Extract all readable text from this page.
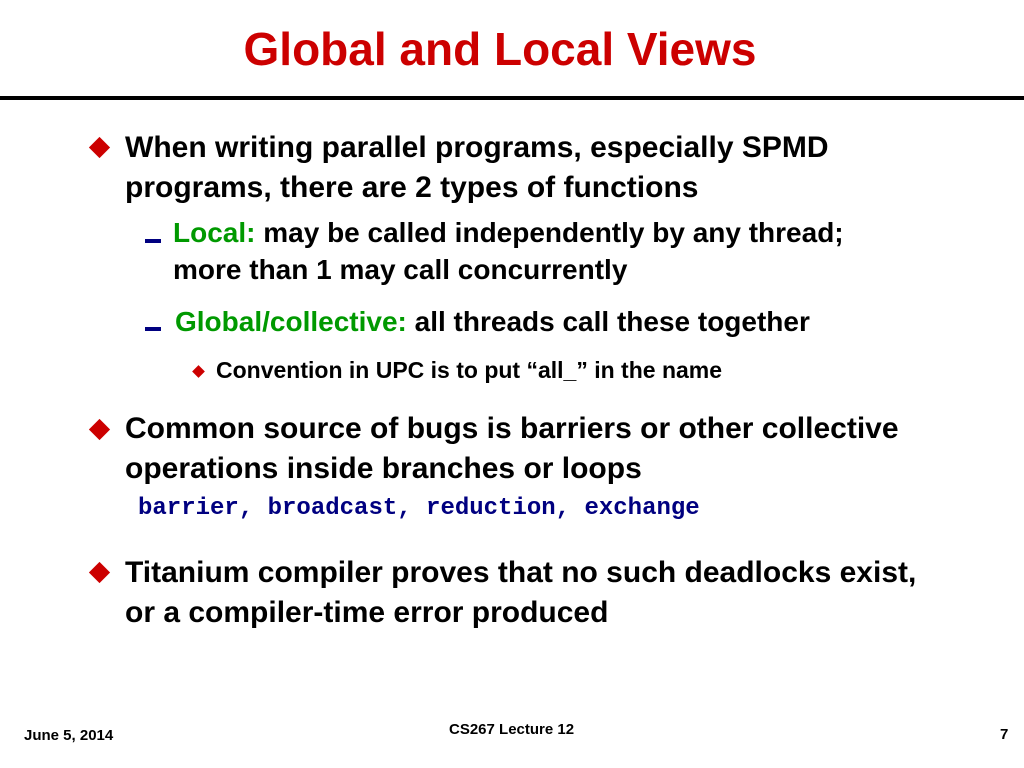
Global and Local Views
When writing parallel programs, especially SPMD programs, there are 2 types of functions
Local: may be called independently by any thread; more than 1 may call concurrently
Global/collective: all threads call these together
Convention in UPC is to put “all_” in the name
Common source of bugs is barriers or other collective operations inside branches or loops
barrier, broadcast, reduction, exchange
Titanium compiler proves that no such deadlocks exist, or a compiler-time error produced
June 5, 2014	CS267 Lecture 12	7
